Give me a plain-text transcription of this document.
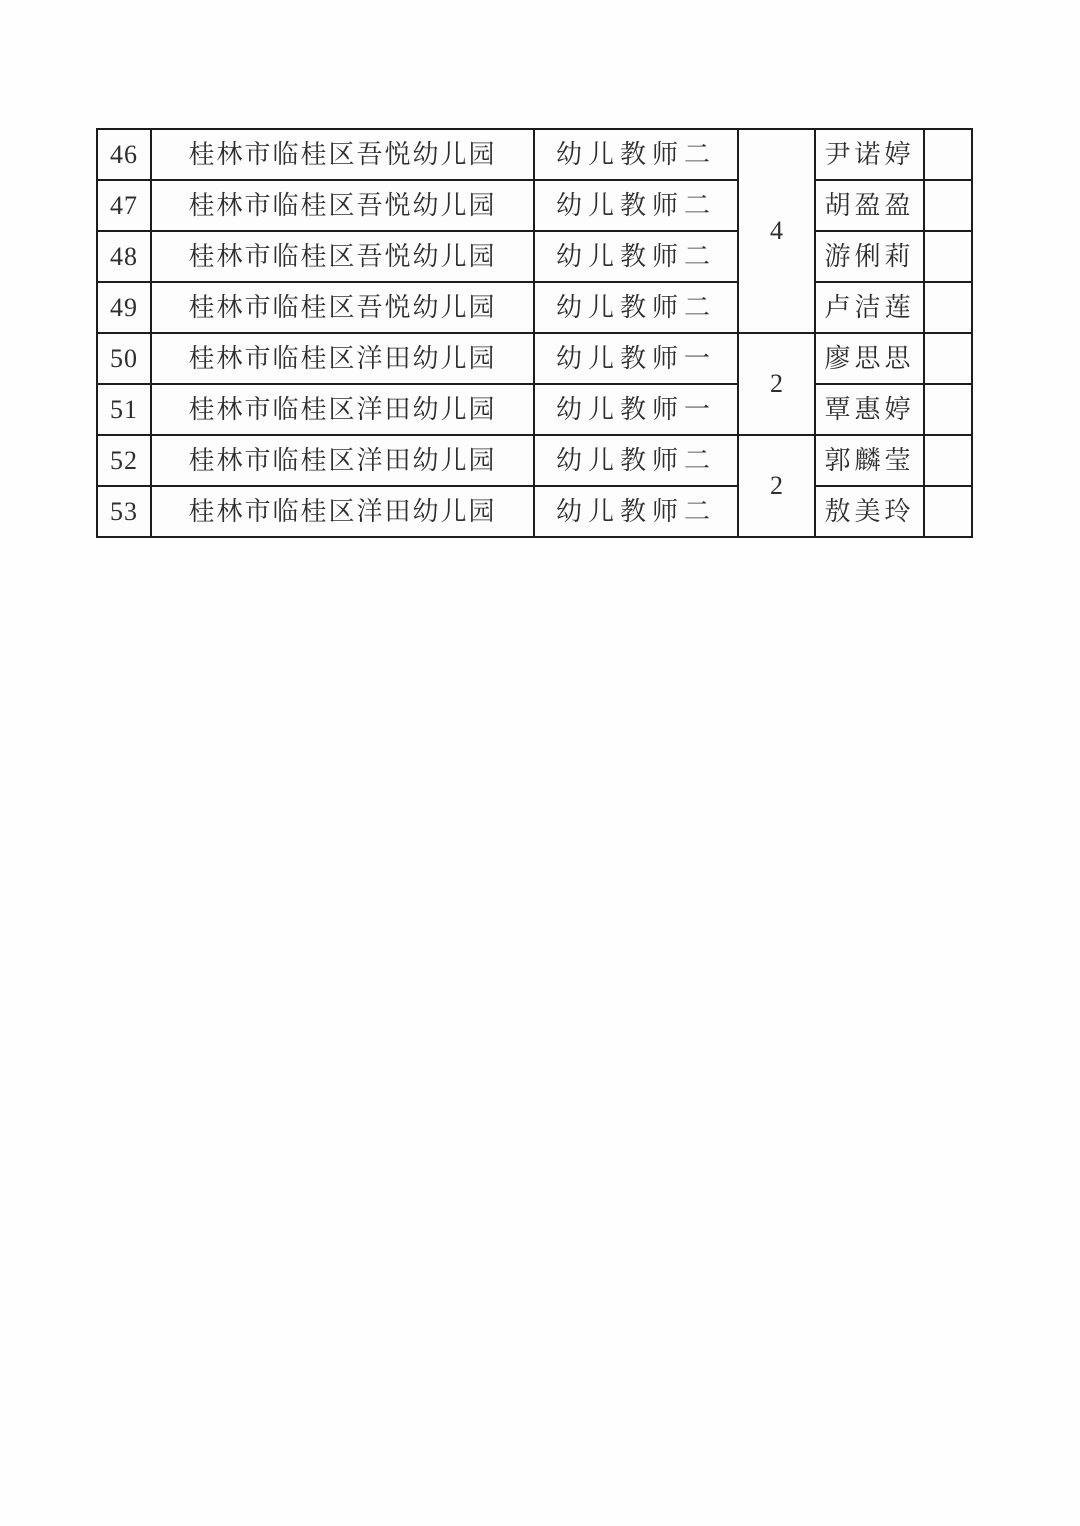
46	桂林市临桂区吾悦幼儿园	幼儿教师二	4	尹诺婷	
47	桂林市临桂区吾悦幼儿园	幼儿教师二		胡盈盈	
48	桂林市临桂区吾悦幼儿园	幼儿教师二		游俐莉	
49	桂林市临桂区吾悦幼儿园	幼儿教师二		卢洁莲	
50	桂林市临桂区洋田幼儿园	幼儿教师一	2	廖思思	
51	桂林市临桂区洋田幼儿园	幼儿教师一		覃惠婷	
52	桂林市临桂区洋田幼儿园	幼儿教师二	2	郭麟莹	
53	桂林市临桂区洋田幼儿园	幼儿教师二		敖美玲	
